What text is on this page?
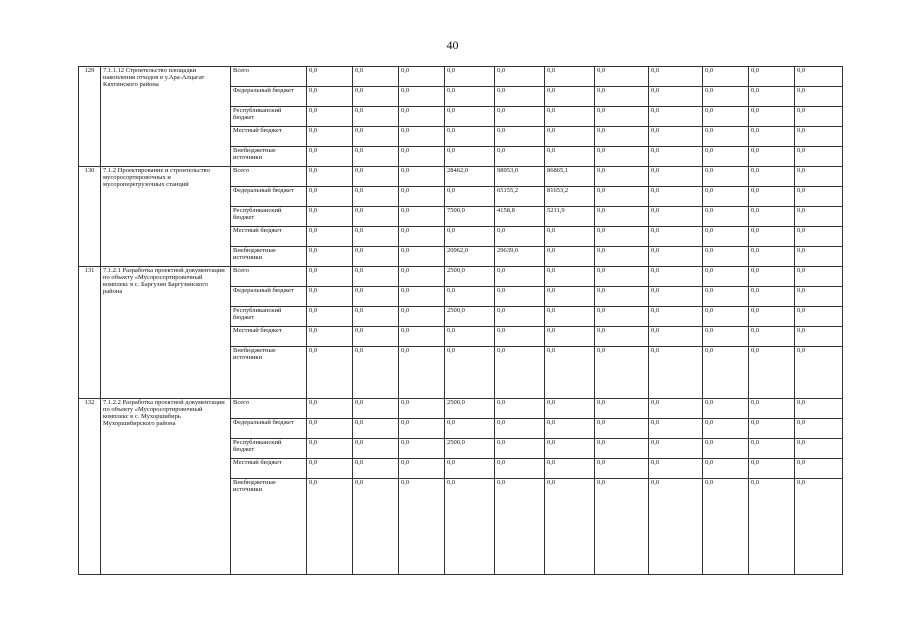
40
129	7.1.1.12 Строительство площадки накопления отходов в у.Ара-Алцагат Кяхтинского района	Всего	0,0	0,0	0,0	0,0	0,0	0,0	0,0	0,0	0,0	0,0	0,0
		Федеральный бюджет	0,0	0,0	0,0	0,0	0,0	0,0	0,0	0,0	0,0	0,0	0,0
		Республиканский бюджет	0,0	0,0	0,0	0,0	0,0	0,0	0,0	0,0	0,0	0,0	0,0
		Местный бюджет	0,0	0,0	0,0	0,0	0,0	0,0	0,0	0,0	0,0	0,0	0,0
		Внебюджетные источники	0,0	0,0	0,0	0,0	0,0	0,0	0,0	0,0	0,0	0,0	0,0
130	7.1.2 Проектирование и строительство мусоросортировочных и мусороперегрузочных станций	Всего	0,0	0,0	0,0	28462,0	98953,0	86865,1	0,0	0,0	0,0	0,0	0,0
		Федеральный бюджет	0,0	0,0	0,0	0,0	65155,2	81653,2	0,0	0,0	0,0	0,0	0,0
		Республиканский бюджет	0,0	0,0	0,0	7500,0	4158,8	5211,9	0,0	0,0	0,0	0,0	0,0
		Местный бюджет	0,0	0,0	0,0	0,0	0,0	0,0	0,0	0,0	0,0	0,0	0,0
		Внебюджетные источники	0,0	0,0	0,0	20962,0	29639,0	0,0	0,0	0,0	0,0	0,0	0,0
131	7.1.2.1 Разработка проектной документации по объекту «Мусоросортировочный комплекс в с. Баргузин Баргузинского района	Всего	0,0	0,0	0,0	2500,0	0,0	0,0	0,0	0,0	0,0	0,0	0,0
		Федеральный бюджет	0,0	0,0	0,0	0,0	0,0	0,0	0,0	0,0	0,0	0,0	0,0
		Республиканский бюджет	0,0	0,0	0,0	2500,0	0,0	0,0	0,0	0,0	0,0	0,0	0,0
		Местный бюджет	0,0	0,0	0,0	0,0	0,0	0,0	0,0	0,0	0,0	0,0	0,0
		Внебюджетные источники	0,0	0,0	0,0	0,0	0,0	0,0	0,0	0,0	0,0	0,0	0,0
132	7.1.2.2 Разработка проектной документации по объекту «Мусоросортировочный комплекс в с. Мухоршибирь Мухоршибирского района	Всего	0,0	0,0	0,0	2500,0	0,0	0,0	0,0	0,0	0,0	0,0	0,0
		Федеральный бюджет	0,0	0,0	0,0	0,0	0,0	0,0	0,0	0,0	0,0	0,0	0,0
		Республиканский бюджет	0,0	0,0	0,0	2500,0	0,0	0,0	0,0	0,0	0,0	0,0	0,0
		Местный бюджет	0,0	0,0	0,0	0,0	0,0	0,0	0,0	0,0	0,0	0,0	0,0
		Внебюджетные источники	0,0	0,0	0,0	0,0	0,0	0,0	0,0	0,0	0,0	0,0	0,0
